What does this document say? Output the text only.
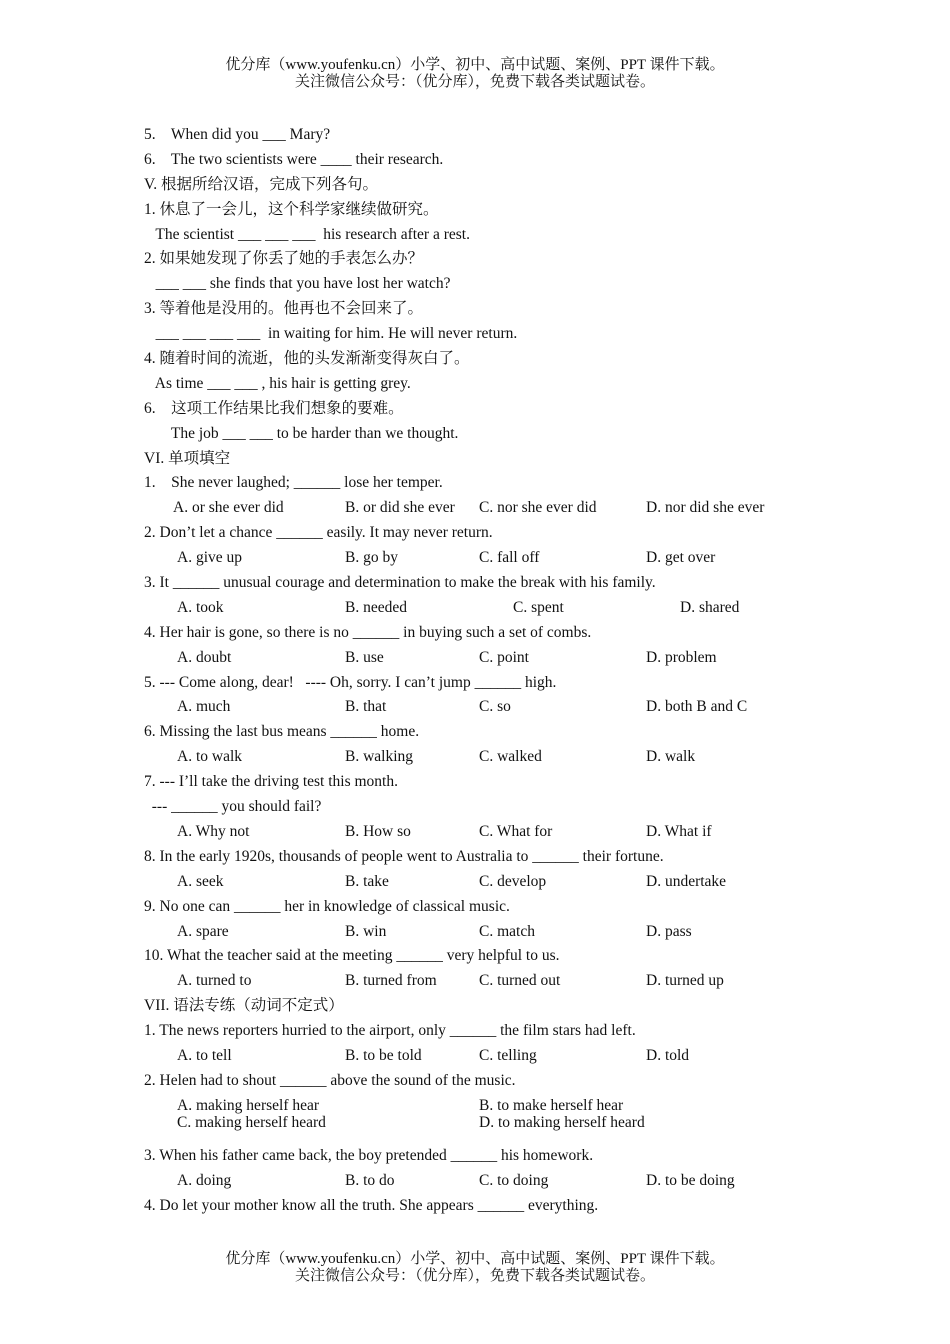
优分库（www.youfenku.cn）小学、初中、高中试题、案例、PPT 课件下载。
关注微信公众号：（优分库），免费下载各类试题试卷。
5.    When did you ___ Mary?
6.    The two scientists were ____ their research.
V. 根据所给汉语，完成下列各句。
1. 休息了一会儿，这个科学家继续做研究。
The scientist ___ ___ ___  his research after a rest.
2. 如果她发现了你丢了她的手表怎么办？
___ ___ she finds that you have lost her watch?
3. 等着他是没用的。他再也不会回来了。
___ ___ ___ ___  in waiting for him. He will never return.
4. 随着时间的流逝，他的头发渐渐变得灰白了。
As time ___ ___ , his hair is getting grey.
6.    这项工作结果比我们想象的要难。
The job ___ ___ to be harder than we thought.
VI. 单项填空
1.    She never laughed; ______ lose her temper.
A. or she ever did	B. or did she ever C. nor she ever did	D. nor did she ever
2. Don’t let a chance ______ easily. It may never return.
A. give up	B. go by	C. fall off	D. get over
3. It ______ unusual courage and determination to make the break with his family.
A. took	B. needed	C. spent	D. shared
4. Her hair is gone, so there is no ______ in buying such a set of combs.
A. doubt	B. use	C. point	D. problem
5. --- Come along, dear!   ---- Oh, sorry. I can’t jump ______ high.
A. much	B. that	C. so	D. both B and C
6. Missing the last bus means ______ home.
A. to walk	B. walking	C. walked	D. walk
7. --- I’ll take the driving test this month.
--- ______ you should fail?
A. Why not	B. How so	C. What for	D. What if
8. In the early 1920s, thousands of people went to Australia to ______ their fortune.
A. seek	B. take	C. develop	D. undertake
9. No one can ______ her in knowledge of classical music.
A. spare	B. win	C. match	D. pass
10. What the teacher said at the meeting ______ very helpful to us.
A. turned to	B. turned from	C. turned out	D. turned up
VII. 语法专练（动词不定式）
1. The news reporters hurried to the airport, only ______ the film stars had left.
A. to tell	B. to be told	C. telling	D. told
2. Helen had to shout ______ above the sound of the music.
A. making herself hear	B. to make herself hear
C. making herself heard	D. to making herself heard
3. When his father came back, the boy pretended ______ his homework.
A. doing	B. to do	C. to doing	D. to be doing
4. Do let your mother know all the truth. She appears ______ everything.
优分库（www.youfenku.cn）小学、初中、高中试题、案例、PPT 课件下载。
关注微信公众号：（优分库），免费下载各类试题试卷。
